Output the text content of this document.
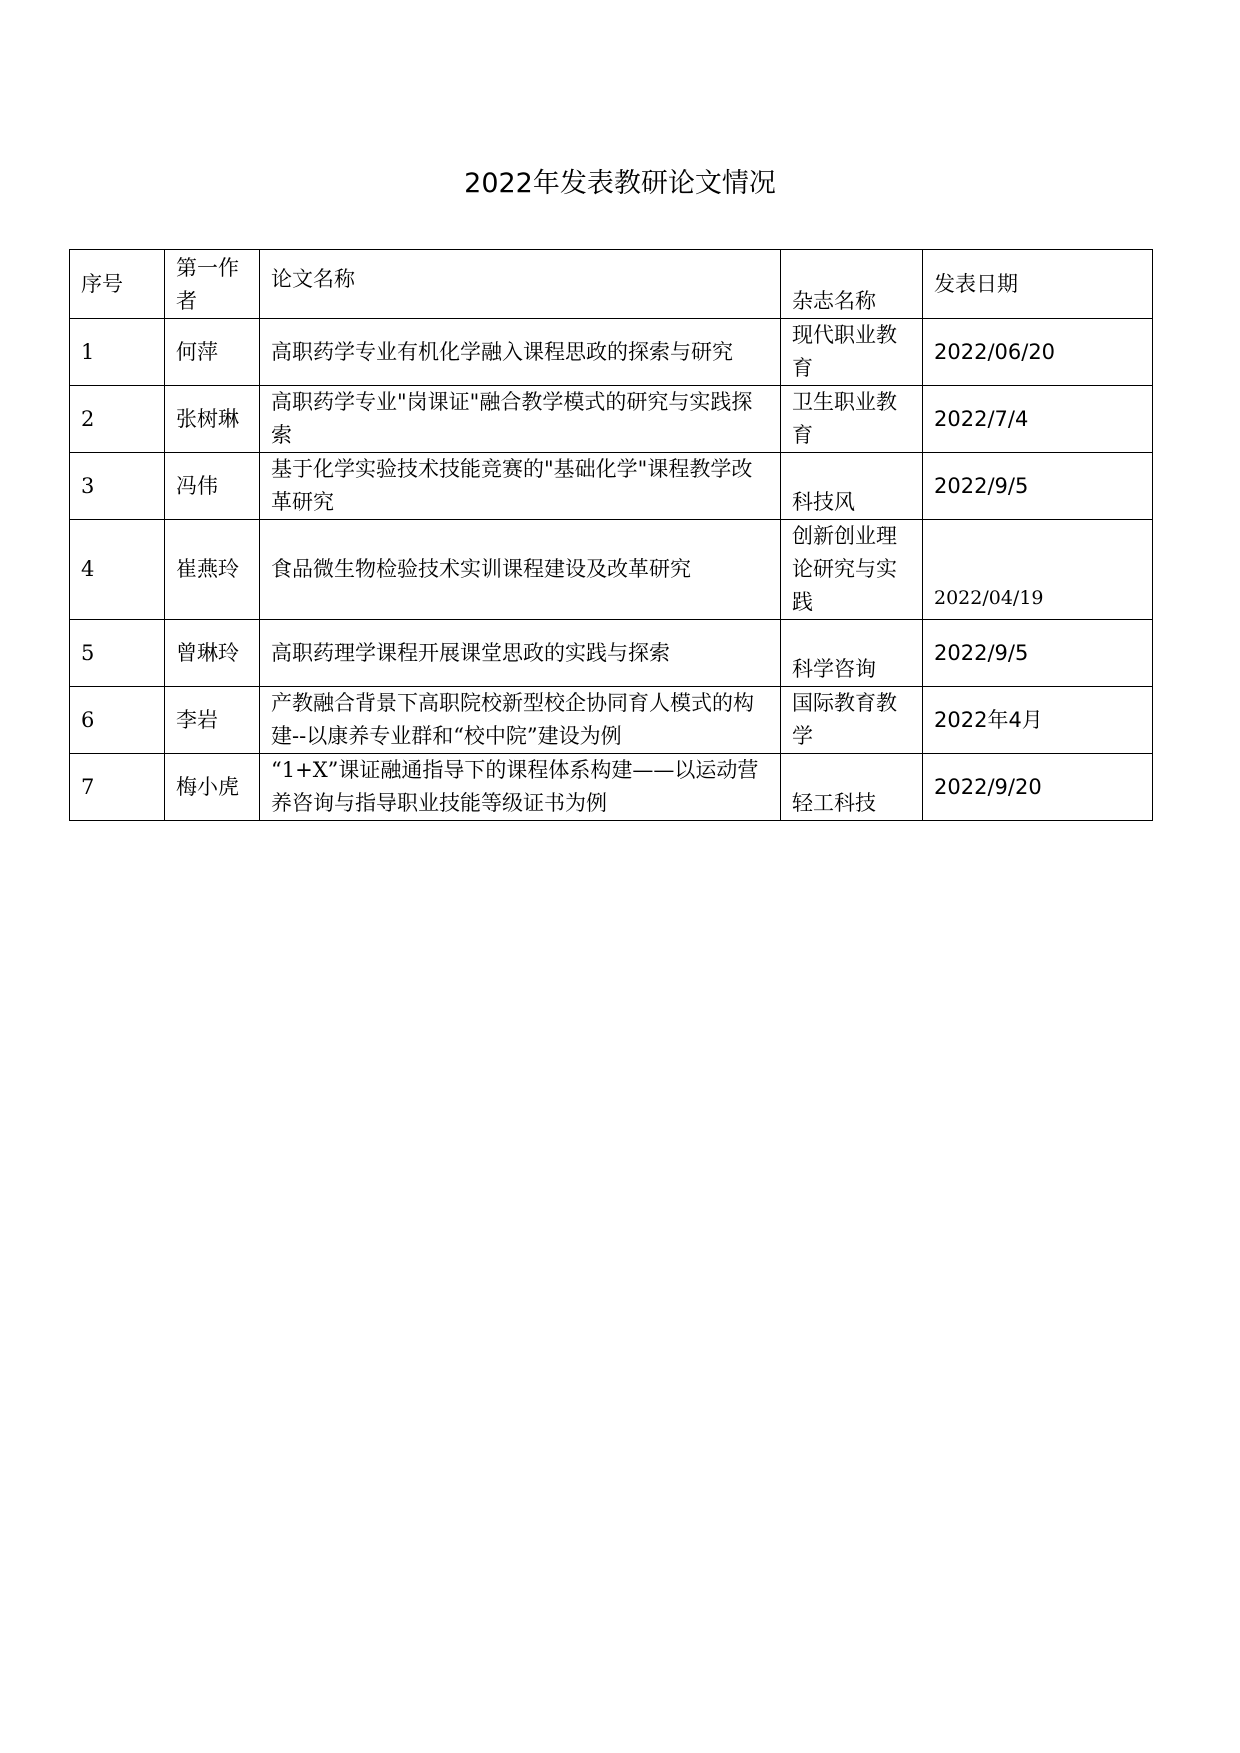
2022年发表教研论文情况
序号	第一作者	论文名称	杂志名称	发表日期
1	何萍	高职药学专业有机化学融入课程思政的探索与研究	现代职业教育	2022/06/20
2	张树琳	高职药学专业"岗课证"融合教学模式的研究与实践探索	卫生职业教育	2022/7/4
3	冯伟	基于化学实验技术技能竞赛的"基础化学"课程教学改革研究	科技风	2022/9/5
4	崔燕玲	食品微生物检验技术实训课程建设及改革研究	创新创业理论研究与实践	2022/04/19
5	曾琳玲	高职药理学课程开展课堂思政的实践与探索	科学咨询	2022/9/5
6	李岩	产教融合背景下高职院校新型校企协同育人模式的构建--以康养专业群和“校中院”建设为例	国际教育教学	2022年4月
7	梅小虎	“1+X”课证融通指导下的课程体系构建——以运动营养咨询与指导职业技能等级证书为例	轻工科技	2022/9/20
